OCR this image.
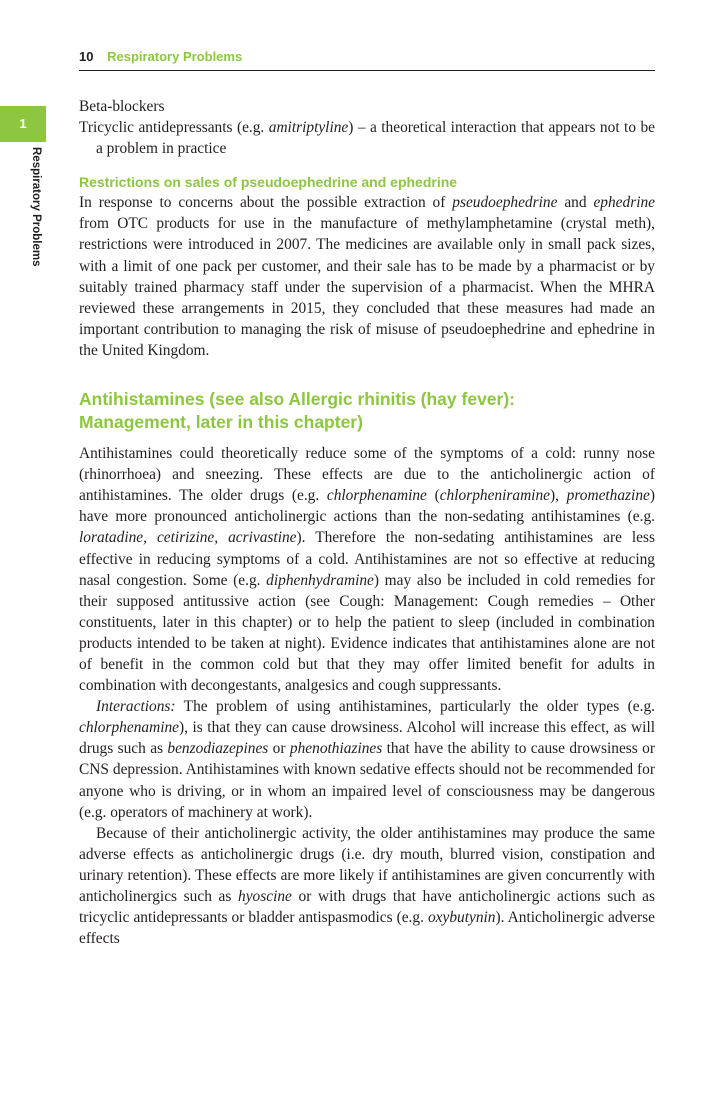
10 Respiratory Problems
1
Respiratory Problems

Beta-blockers

Tricyclic antidepressants (e.g. amitriptyline) – a theoretical interaction that appears not to be a problem in practice

Restrictions on sales of pseudoephedrine and ephedrine

In response to concerns about the possible extraction of pseudoephedrine and ephedrine from OTC products for use in the manufacture of methylamphetamine (crystal meth), restrictions were introduced in 2007. The medicines are available only in small pack sizes, with a limit of one pack per customer, and their sale has to be made by a pharmacist or by suitably trained pharmacy staff under the supervision of a pharmacist. When the MHRA reviewed these arrangements in 2015, they concluded that these measures had made an important contribution to managing the risk of misuse of pseudoephedrine and ephedrine in the United Kingdom.

Antihistamines (see also Allergic rhinitis (hay fever):
Management, later in this chapter)

Antihistamines could theoretically reduce some of the symptoms of a cold: runny nose (rhinorrhoea) and sneezing. These effects are due to the anticholinergic action of antihistamines. The older drugs (e.g. chlorphenamine (chlorpheniramine), promethazine) have more pronounced anticholinergic actions than the non-sedating antihistamines (e.g. loratadine, cetirizine, acrivastine). Therefore the non-sedating antihistamines are less effective in reducing symptoms of a cold. Antihistamines are not so effective at reducing nasal congestion. Some (e.g. diphenhydramine) may also be included in cold remedies for their supposed antitussive action (see Cough: Management: Cough remedies – Other constituents, later in this chapter) or to help the patient to sleep (included in combination products intended to be taken at night). Evidence indicates that antihistamines alone are not of benefit in the common cold but that they may offer limited benefit for adults in combination with decongestants, analgesics and cough suppressants.

Interactions: The problem of using antihistamines, particularly the older types (e.g. chlorphenamine), is that they can cause drowsiness. Alcohol will increase this effect, as will drugs such as benzodiazepines or phenothiazines that have the ability to cause drowsiness or CNS depression. Antihistamines with known sedative effects should not be recommended for anyone who is driving, or in whom an impaired level of consciousness may be dangerous (e.g. operators of machinery at work).

Because of their anticholinergic activity, the older antihistamines may produce the same adverse effects as anticholinergic drugs (i.e. dry mouth, blurred vision, constipation and urinary retention). These effects are more likely if antihistamines are given concurrently with anticholinergics such as hyoscine or with drugs that have anticholinergic actions such as tricyclic antidepressants or bladder antispasmodics (e.g. oxybutynin). Anticholinergic adverse effects
